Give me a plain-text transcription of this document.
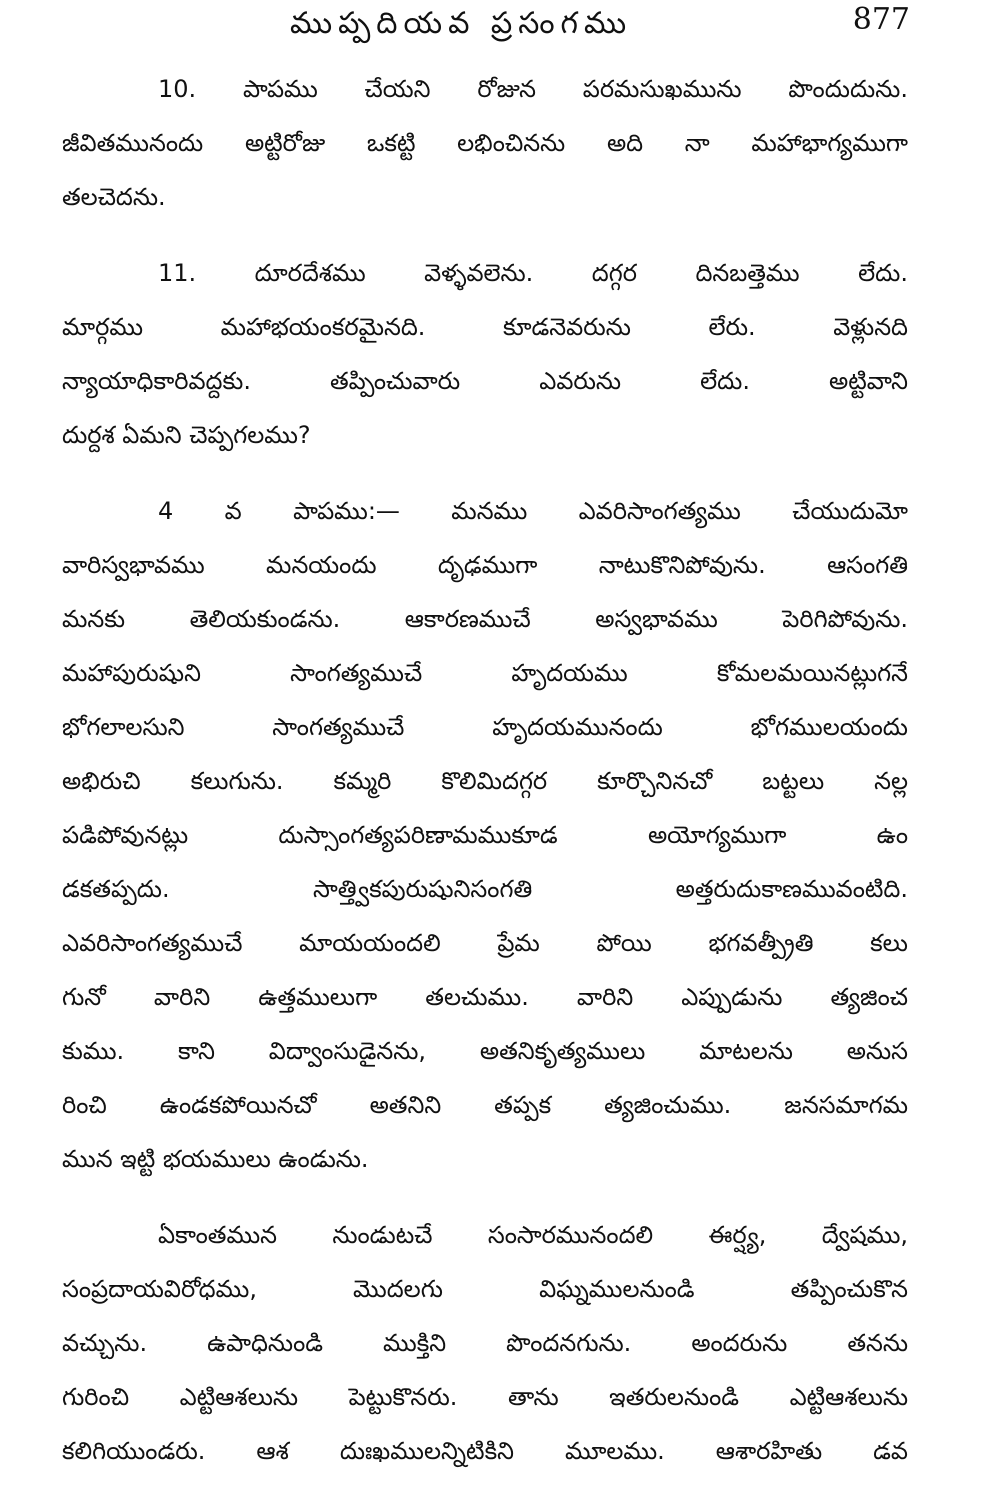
ముప్పదియవ ప్రసంగము	877

10. పాపము చేయని రోజున పరమసుఖమును పొందుదును.
జీవితమునందు అట్టిరోజు ఒకట్టి లభించినను అది నా మహాభాగ్యముగా
తలచెదను.

11. దూరదేశము వెళ్ళవలెను. దగ్గర దినబత్తెము లేదు.
మార్గము మహాభయంకరమైనది. కూడనెవరును లేరు. వెళ్లునది
న్యాయాధికారివద్దకు. తప్పించువారు ఎవరును లేదు. అట్టివాని
దుర్దశ ఏమని చెప్పగలము?

4 వ పాపము:— మనము ఎవరిసాంగత్యము చేయుదుమో
వారిస్వభావము మనయందు దృఢముగా నాటుకొనిపోవును. ఆసంగతి
మనకు తెలియకుండను. ఆకారణముచే అస్వభావము పెరిగిపోవును.
మహాపురుషుని సాంగత్యముచే హృదయము కోమలమయినట్లుగనే
భోగలాలసుని సాంగత్యముచే హృదయమునందు భోగములయందు
అభిరుచి కలుగును. కమ్మరి కొలిమిదగ్గర కూర్చొనినచో బట్టలు నల్ల
పడిపోవునట్లు దుస్సాంగత్యపరిణామముకూడ అయోగ్యముగా ఉం
డకతప్పదు. సాత్త్వికపురుషునిసంగతి అత్తరుదుకాణమువంటిది.
ఎవరిసాంగత్యముచే మాయయందలి ప్రేమ పోయి భగవత్ప్రీతి కలు
గునో వారిని ఉత్తములుగా తలచుము. వారిని ఎప్పుడును త్యజించ
కుము. కాని విద్వాంసుడైనను, అతనికృత్యములు మాటలను అనుస
రించి ఉండకపోయినచో అతనిని తప్పక త్యజించుము. జనసమాగమ
మున ఇట్టి భయములు ఉండును.

ఏకాంతమున నుండుటచే సంసారమునందలి ఈర్ష్య, ద్వేషము,
సంప్రదాయవిరోధము, మొదలగు విఘ్నములనుండి తప్పించుకొన
వచ్చును. ఉపాధినుండి ముక్తిని పొందనగును. అందరును తనను
గురించి ఎట్టిఆశలును పెట్టుకొనరు. తాను ఇతరులనుండి ఎట్టిఆశలును
కలిగియుండరు. ఆశ దుఃఖములన్నిటికిని మూలము. ఆశారహితు డవ
